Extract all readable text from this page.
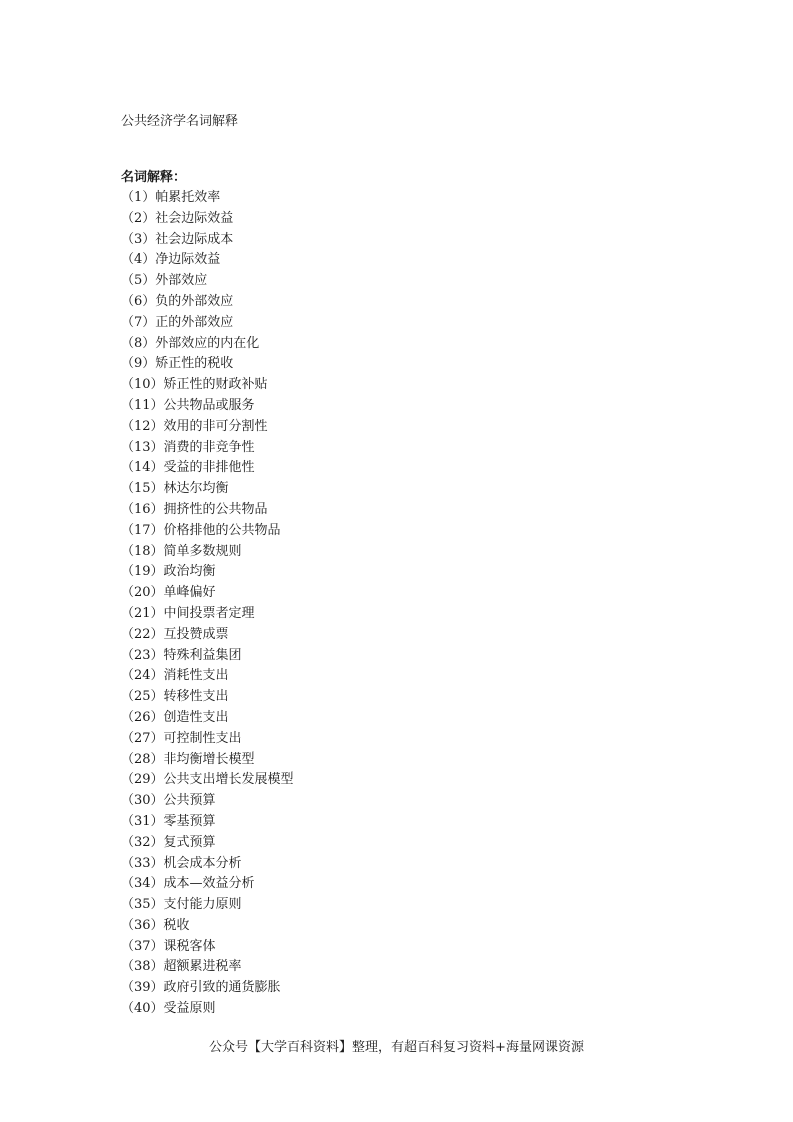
公共经济学名词解释
名词解释：
（1）帕累托效率
（2）社会边际效益
（3）社会边际成本
（4）净边际效益
（5）外部效应
（6）负的外部效应
（7）正的外部效应
（8）外部效应的内在化
（9）矫正性的税收
（10）矫正性的财政补贴
（11）公共物品或服务
（12）效用的非可分割性
（13）消费的非竞争性
（14）受益的非排他性
（15）林达尔均衡
（16）拥挤性的公共物品
（17）价格排他的公共物品
（18）简单多数规则
（19）政治均衡
（20）单峰偏好
（21）中间投票者定理
（22）互投赞成票
（23）特殊利益集团
（24）消耗性支出
（25）转移性支出
（26）创造性支出
（27）可控制性支出
（28）非均衡增长模型
（29）公共支出增长发展模型
（30）公共预算
（31）零基预算
（32）复式预算
（33）机会成本分析
（34）成本—效益分析
（35）支付能力原则
（36）税收
（37）课税客体
（38）超额累进税率
（39）政府引致的通货膨胀
（40）受益原则
公众号【大学百科资料】整理，有超百科复习资料+海量网课资源
